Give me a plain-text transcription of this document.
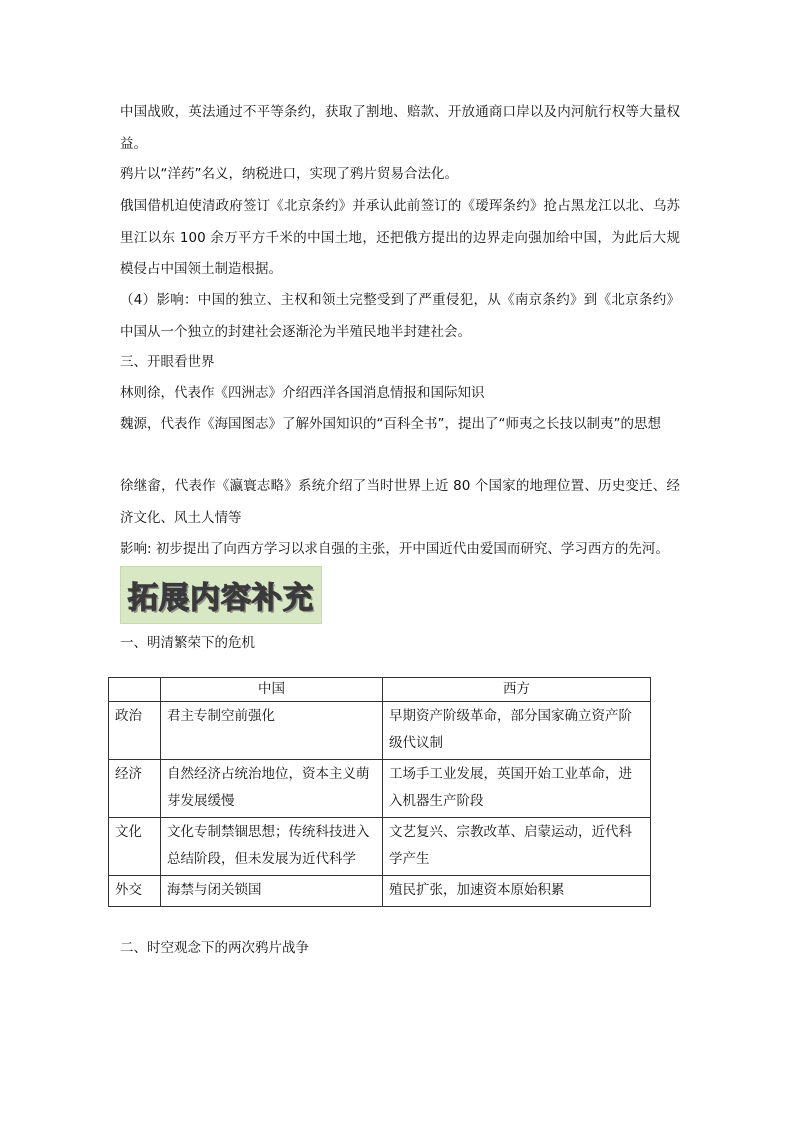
中国战败，英法通过不平等条约，获取了割地、赔款、开放通商口岸以及内河航行权等大量权益。

鸦片以“洋药”名义，纳税进口，实现了鸦片贸易合法化。

俄国借机迫使清政府签订《北京条约》并承认此前签订的《瑷珲条约》抢占黑龙江以北、乌苏里江以东 100 余万平方千米的中国土地，还把俄方提出的边界走向强加给中国，为此后大规模侵占中国领土制造根据。

（4）影响：中国的独立、主权和领土完整受到了严重侵犯，从《南京条约》到《北京条约》中国从一个独立的封建社会逐渐沦为半殖民地半封建社会。

三、开眼看世界

林则徐，代表作《四洲志》介绍西洋各国消息情报和国际知识

魏源，代表作《海国图志》了解外国知识的“百科全书”，提出了“师夷之长技以制夷”的思想

徐继畲，代表作《瀛寰志略》系统介绍了当时世界上近 80 个国家的地理位置、历史变迁、经济文化、风土人情等

影响: 初步提出了向西方学习以求自强的主张，开中国近代由爱国而研究、学习西方的先河。

拓展内容补充

一、明清繁荣下的危机

	中国	西方
政治	君主专制空前强化	早期资产阶级革命，部分国家确立资产阶级代议制
经济	自然经济占统治地位，资本主义萌芽发展缓慢	工场手工业发展，英国开始工业革命，进入机器生产阶段
文化	文化专制禁锢思想；传统科技进入总结阶段，但未发展为近代科学	文艺复兴、宗教改革、启蒙运动，近代科学产生
外交	海禁与闭关锁国	殖民扩张，加速资本原始积累

二、时空观念下的两次鸦片战争
